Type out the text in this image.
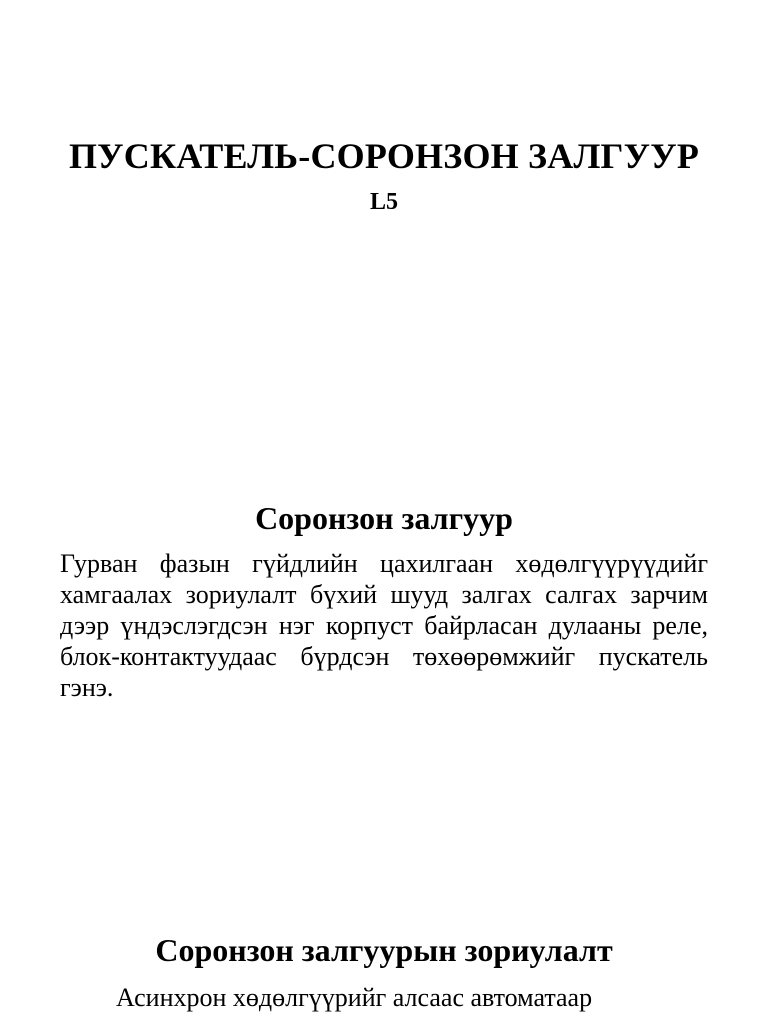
ПУСКАТЕЛЬ-СОРОНЗОН ЗАЛГУУР
L5
Соронзон залгуур

Гурван фазын гүйдлийн цахилгаан хөдөлгүүрүүдийг хамгаалах зориулалт бүхий шууд залгах салгах зарчим дээр үндэслэгдсэн нэг корпуст байрласан дулааны реле, блок-контактуудаас бүрдсэн төхөөрөмжийг пускатель гэнэ.

Соронзон залгуурын зориулалт

Асинхрон хөдөлгүүрийг алсаас автоматаар
